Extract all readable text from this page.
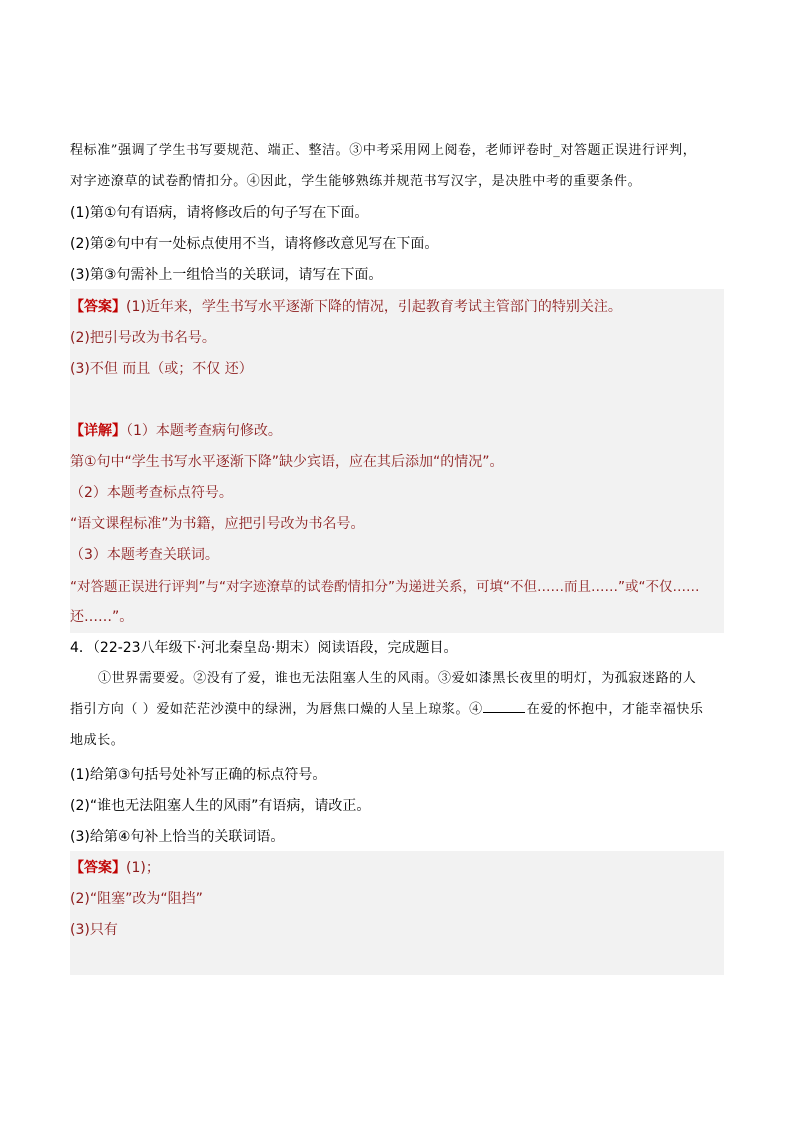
程标准”强调了学生书写要规范、端正、整洁。③中考采用网上阅卷，老师评卷时_对答题正误进行评判，
对字迹潦草的试卷酌情扣分。④因此，学生能够熟练并规范书写汉字，是决胜中考的重要条件。
(1)第①句有语病，请将修改后的句子写在下面。
(2)第②句中有一处标点使用不当，请将修改意见写在下面。
(3)第③句需补上一组恰当的关联词，请写在下面。
【答案】(1)近年来，学生书写水平逐渐下降的情况，引起教育考试主管部门的特别关注。
(2)把引号改为书名号。
(3)不但 而且（或；不仅 还）
【详解】（1）本题考查病句修改。
第①句中“学生书写水平逐渐下降”缺少宾语，应在其后添加“的情况”。
（2）本题考查标点符号。
“语文课程标准”为书籍，应把引号改为书名号。
（3）本题考查关联词。
“对答题正误进行评判”与“对字迹潦草的试卷酌情扣分”为递进关系，可填“不但……而且……”或“不仅……
还……”。
4．（22-23八年级下·河北秦皇岛·期末）阅读语段，完成题目。
①世界需要爱。②没有了爱，谁也无法阻塞人生的风雨。③爱如漆黑长夜里的明灯，为孤寂迷路的人
指引方向（ ）爱如茫茫沙漠中的绿洲，为唇焦口燥的人呈上琼浆。④	在爱的怀抱中，才能幸福快乐
地成长。
(1)给第③句括号处补写正确的标点符号。
(2)“谁也无法阻塞人生的风雨”有语病，请改正。
(3)给第④句补上恰当的关联词语。
【答案】(1)；
(2)“阻塞”改为“阻挡”
(3)只有
